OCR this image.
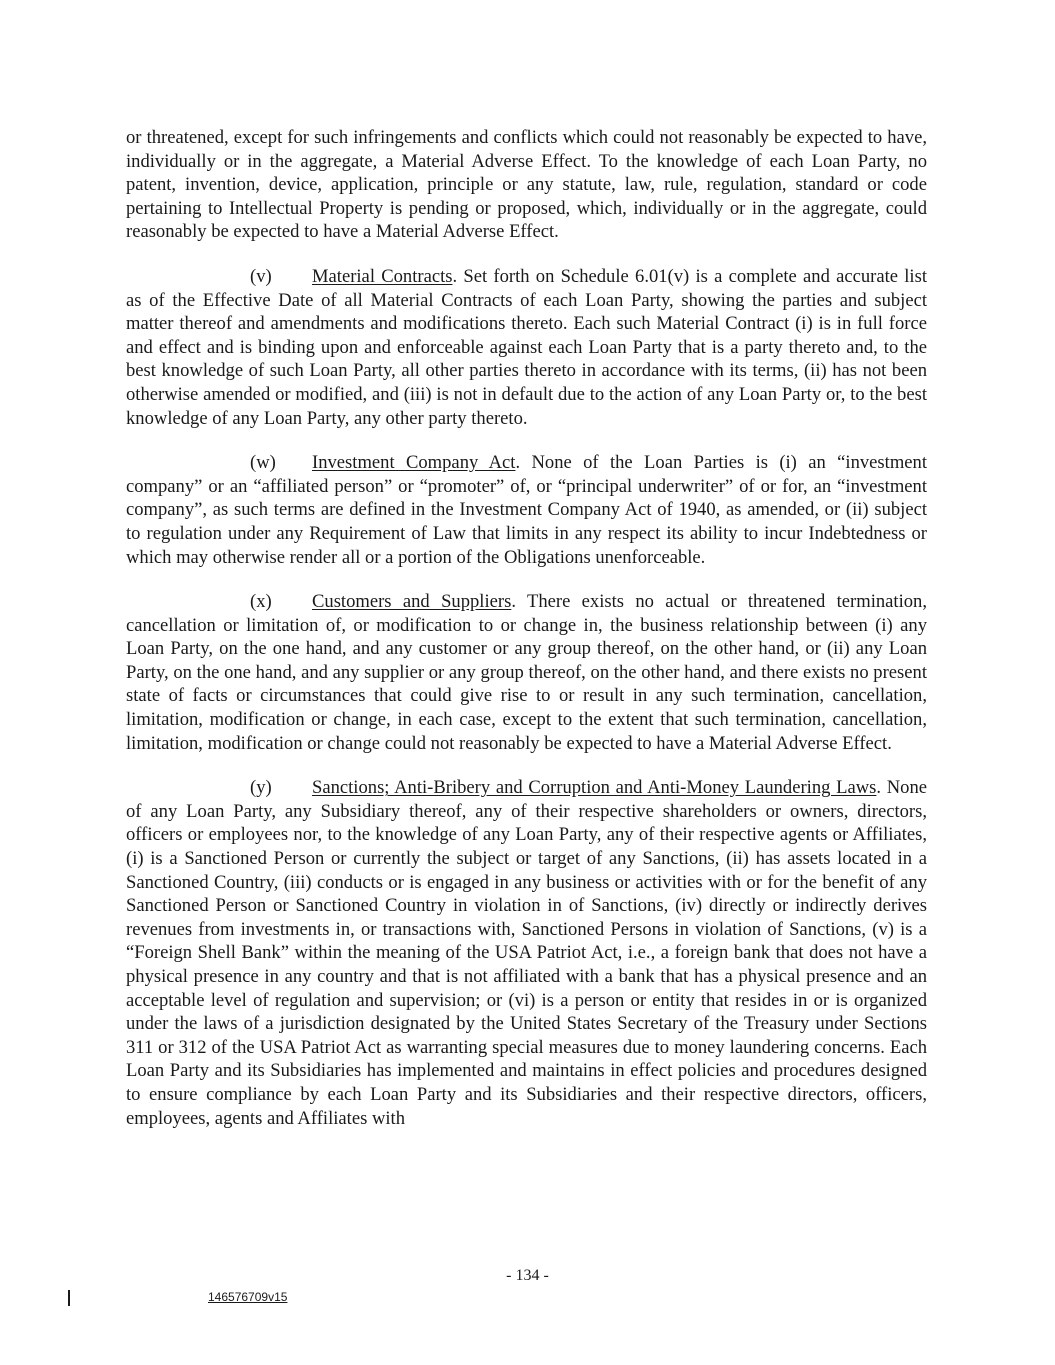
or threatened, except for such infringements and conflicts which could not reasonably be expected to have, individually or in the aggregate, a Material Adverse Effect. To the knowledge of each Loan Party, no patent, invention, device, application, principle or any statute, law, rule, regulation, standard or code pertaining to Intellectual Property is pending or proposed, which, individually or in the aggregate, could reasonably be expected to have a Material Adverse Effect.

(v) Material Contracts. Set forth on Schedule 6.01(v) is a complete and accurate list as of the Effective Date of all Material Contracts of each Loan Party, showing the parties and subject matter thereof and amendments and modifications thereto. Each such Material Contract (i) is in full force and effect and is binding upon and enforceable against each Loan Party that is a party thereto and, to the best knowledge of such Loan Party, all other parties thereto in accordance with its terms, (ii) has not been otherwise amended or modified, and (iii) is not in default due to the action of any Loan Party or, to the best knowledge of any Loan Party, any other party thereto.

(w) Investment Company Act. None of the Loan Parties is (i) an “investment company” or an “affiliated person” or “promoter” of, or “principal underwriter” of or for, an “investment company”, as such terms are defined in the Investment Company Act of 1940, as amended, or (ii) subject to regulation under any Requirement of Law that limits in any respect its ability to incur Indebtedness or which may otherwise render all or a portion of the Obligations unenforceable.

(x) Customers and Suppliers. There exists no actual or threatened termination, cancellation or limitation of, or modification to or change in, the business relationship between (i) any Loan Party, on the one hand, and any customer or any group thereof, on the other hand, or (ii) any Loan Party, on the one hand, and any supplier or any group thereof, on the other hand, and there exists no present state of facts or circumstances that could give rise to or result in any such termination, cancellation, limitation, modification or change, in each case, except to the extent that such termination, cancellation, limitation, modification or change could not reasonably be expected to have a Material Adverse Effect.

(y) Sanctions; Anti-Bribery and Corruption and Anti-Money Laundering Laws. None of any Loan Party, any Subsidiary thereof, any of their respective shareholders or owners, directors, officers or employees nor, to the knowledge of any Loan Party, any of their respective agents or Affiliates, (i) is a Sanctioned Person or currently the subject or target of any Sanctions, (ii) has assets located in a Sanctioned Country, (iii) conducts or is engaged in any business or activities with or for the benefit of any Sanctioned Person or Sanctioned Country in violation in of Sanctions, (iv) directly or indirectly derives revenues from investments in, or transactions with, Sanctioned Persons in violation of Sanctions, (v) is a “Foreign Shell Bank” within the meaning of the USA Patriot Act, i.e., a foreign bank that does not have a physical presence in any country and that is not affiliated with a bank that has a physical presence and an acceptable level of regulation and supervision; or (vi) is a person or entity that resides in or is organized under the laws of a jurisdiction designated by the United States Secretary of the Treasury under Sections 311 or 312 of the USA Patriot Act as warranting special measures due to money laundering concerns. Each Loan Party and its Subsidiaries has implemented and maintains in effect policies and procedures designed to ensure compliance by each Loan Party and its Subsidiaries and their respective directors, officers, employees, agents and Affiliates with

- 134 -
146576709v15
